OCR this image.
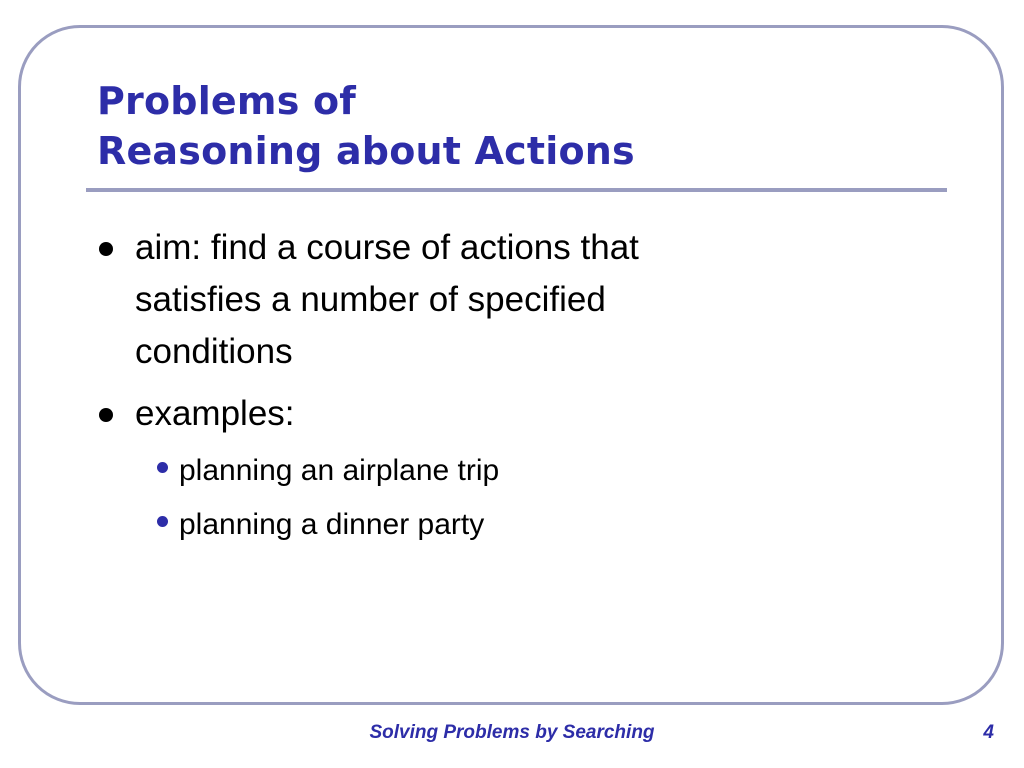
Problems of
Reasoning about Actions
aim: find a course of actions that
satisfies a number of specified
conditions
examples:
planning an airplane trip
planning a dinner party
Solving Problems by Searching	4
